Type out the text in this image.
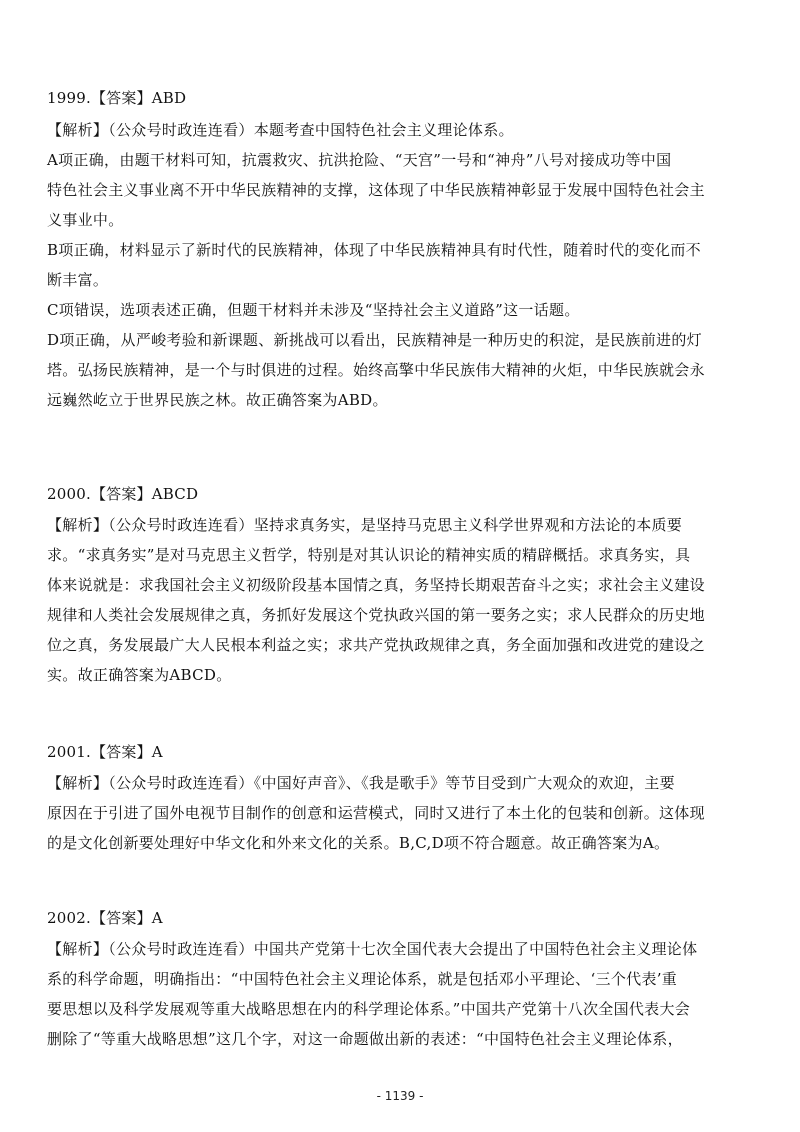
1999.【答案】ABD
【解析】（公众号时政连连看）本题考查中国特色社会主义理论体系。
A项正确，由题干材料可知，抗震救灾、抗洪抢险、“天宫”一号和“神舟”八号对接成功等中国
特色社会主义事业离不开中华民族精神的支撑，这体现了中华民族精神彰显于发展中国特色社会主
义事业中。
B项正确，材料显示了新时代的民族精神，体现了中华民族精神具有时代性，随着时代的变化而不
断丰富。
C项错误，选项表述正确，但题干材料并未涉及“坚持社会主义道路”这一话题。
D项正确，从严峻考验和新课题、新挑战可以看出，民族精神是一种历史的积淀，是民族前进的灯
塔。弘扬民族精神，是一个与时俱进的过程。始终高擎中华民族伟大精神的火炬，中华民族就会永
远巍然屹立于世界民族之林。故正确答案为ABD。
2000.【答案】ABCD
【解析】（公众号时政连连看）坚持求真务实，是坚持马克思主义科学世界观和方法论的本质要
求。“求真务实”是对马克思主义哲学，特别是对其认识论的精神实质的精辟概括。求真务实，具
体来说就是：求我国社会主义初级阶段基本国情之真，务坚持长期艰苦奋斗之实；求社会主义建设
规律和人类社会发展规律之真，务抓好发展这个党执政兴国的第一要务之实；求人民群众的历史地
位之真，务发展最广大人民根本利益之实；求共产党执政规律之真，务全面加强和改进党的建设之
实。故正确答案为ABCD。
2001.【答案】A
【解析】（公众号时政连连看）《中国好声音》、《我是歌手》等节目受到广大观众的欢迎，主要
原因在于引进了国外电视节目制作的创意和运营模式，同时又进行了本土化的包装和创新。这体现
的是文化创新要处理好中华文化和外来文化的关系。B,C,D项不符合题意。故正确答案为A。
2002.【答案】A
【解析】（公众号时政连连看）中国共产党第十七次全国代表大会提出了中国特色社会主义理论体
系的科学命题，明确指出：“中国特色社会主义理论体系，就是包括邓小平理论、‘三个代表’重
要思想以及科学发展观等重大战略思想在内的科学理论体系。”中国共产党第十八次全国代表大会
删除了“等重大战略思想”这几个字，对这一命题做出新的表述：“中国特色社会主义理论体系，
- 1139 -
